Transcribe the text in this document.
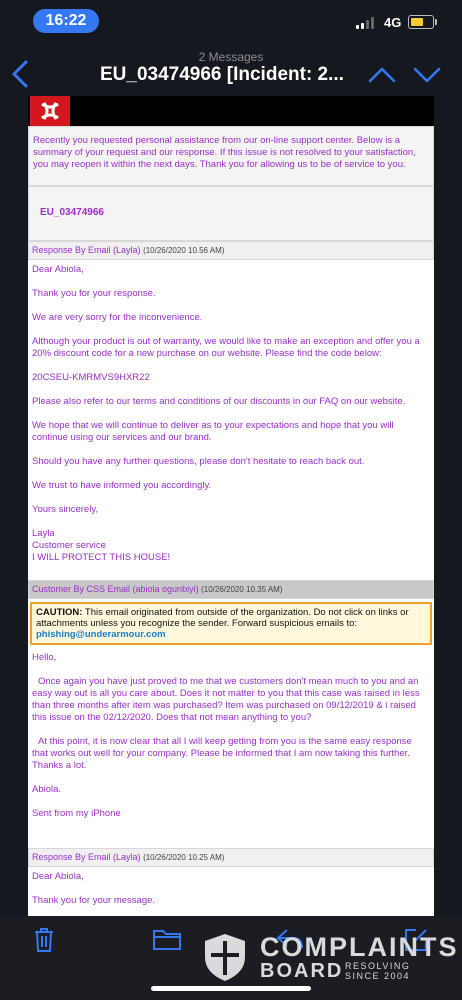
16:22	4G
2 Messages
EU_03474966 [Incident: 2...
Recently you requested personal assistance from our on-line support center. Below is a summary of your request and our response. If this issue is not resolved to your satisfaction, you may reopen it within the next days. Thank you for allowing us to be of service to you.
EU_03474966
Response By Email (Layla) (10/26/2020 10.56 AM)

Dear Abiola,

Thank you for your response.

We are very sorry for the inconvenience.

Although your product is out of warranty, we would like to make an exception and offer you a 20% discount code for a new purchase on our website. Please find the code below:

20CSEU-KMRMVS9HXR22

Please also refer to our terms and conditions of our discounts in our FAQ on our website.

We hope that we will continue to deliver as to your expectations and hope that you will continue using our services and our brand.

Should you have any further questions, please don't hesitate to reach back out.

We trust to have informed you accordingly.

Yours sincerely,

Layla

Customer service

I WILL PROTECT THIS HOUSE!

Customer By CSS Email (abiola ogunbiyi) (10/26/2020 10.35 AM)
CAUTION: This email originated from outside of the organization. Do not click on links or attachments unless you recognize the sender. Forward suspicious emails to:
phishing@underarmour.com

Hello,

Once again you have just proved to me that we customers don't mean much to you and an easy way out is all you care about. Does it not matter to you that this case was raised in less than three months after item was purchased? Item was purchased on 09/12/2019 & i raised this issue on the 02/12/2020. Does that not mean anything to you?

At this point, it is now clear that all I will keep getting from you is the same easy response that works out well for your company. Please be informed that I am now taking this further. Thanks a lot.

Abiola.

Sent from my iPhone

Response By Email (Layla) (10/26/2020 10.25 AM)

Dear Abiola,

Thank you for your message.

COMPLAINTS
BOARD RESOLVING
SINCE 2004
